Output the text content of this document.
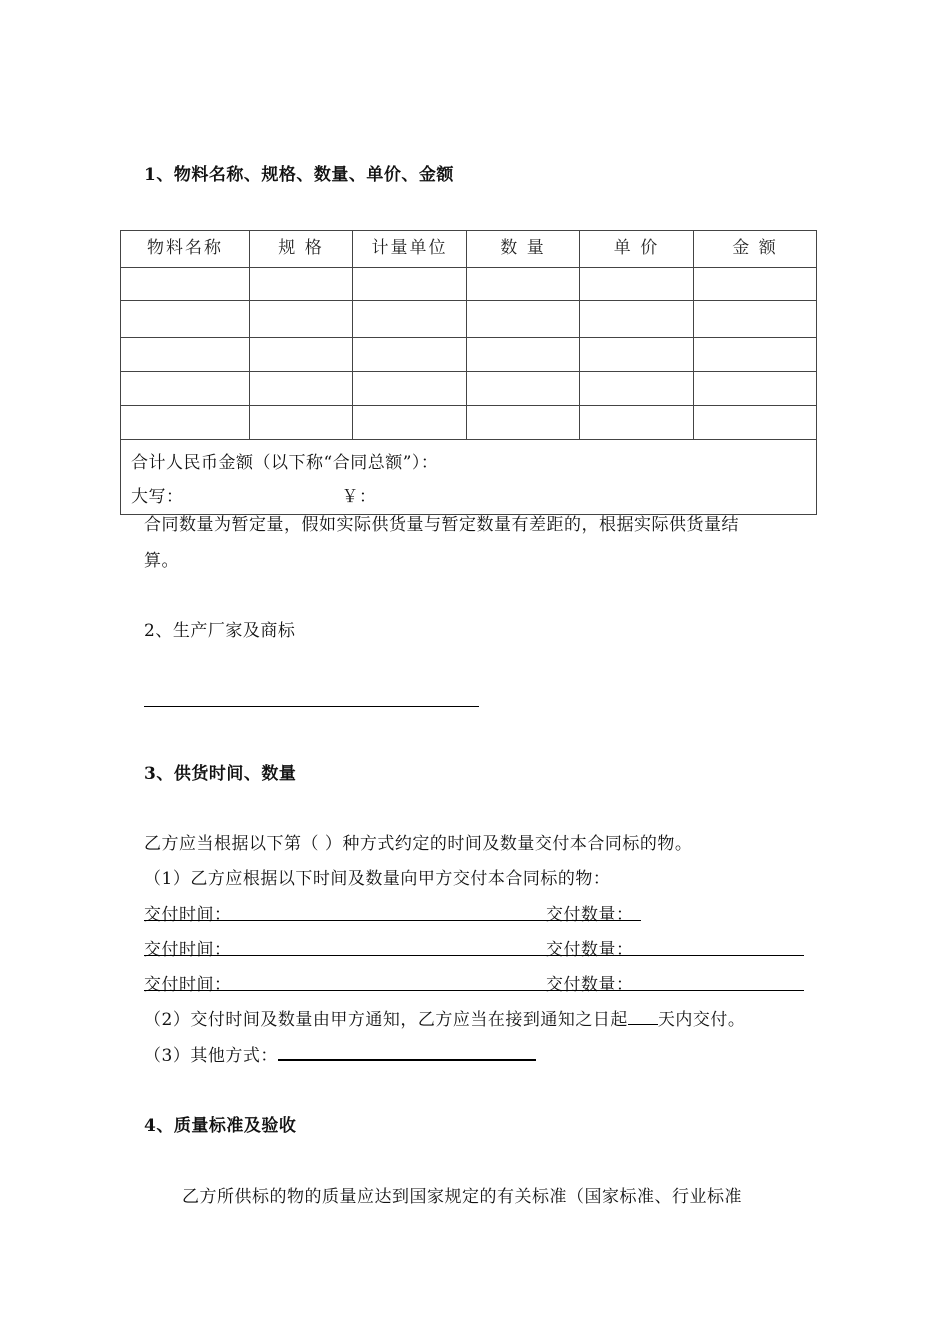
1、物料名称、规格、数量、单价、金额
物料名称	规 格	计量单位	数 量	单 价	金 额

合计人民币金额（以下称“合同总额”）：
大写： ￥：					
合同数量为暂定量，假如实际供货量与暂定数量有差距的，根据实际供货量结
算。
2、生产厂家及商标
3、供货时间、数量
乙方应当根据以下第（ ）种方式约定的时间及数量交付本合同标的物。
（1）乙方应根据以下时间及数量向甲方交付本合同标的物：
交付时间：	交付数量：
交付时间：	交付数量：
交付时间：	交付数量：
（2）交付时间及数量由甲方通知，乙方应当在接到通知之日起 天内交付。
（3）其他方式：
4、质量标准及验收
乙方所供标的物的质量应达到国家规定的有关标准（国家标准、行业标准
